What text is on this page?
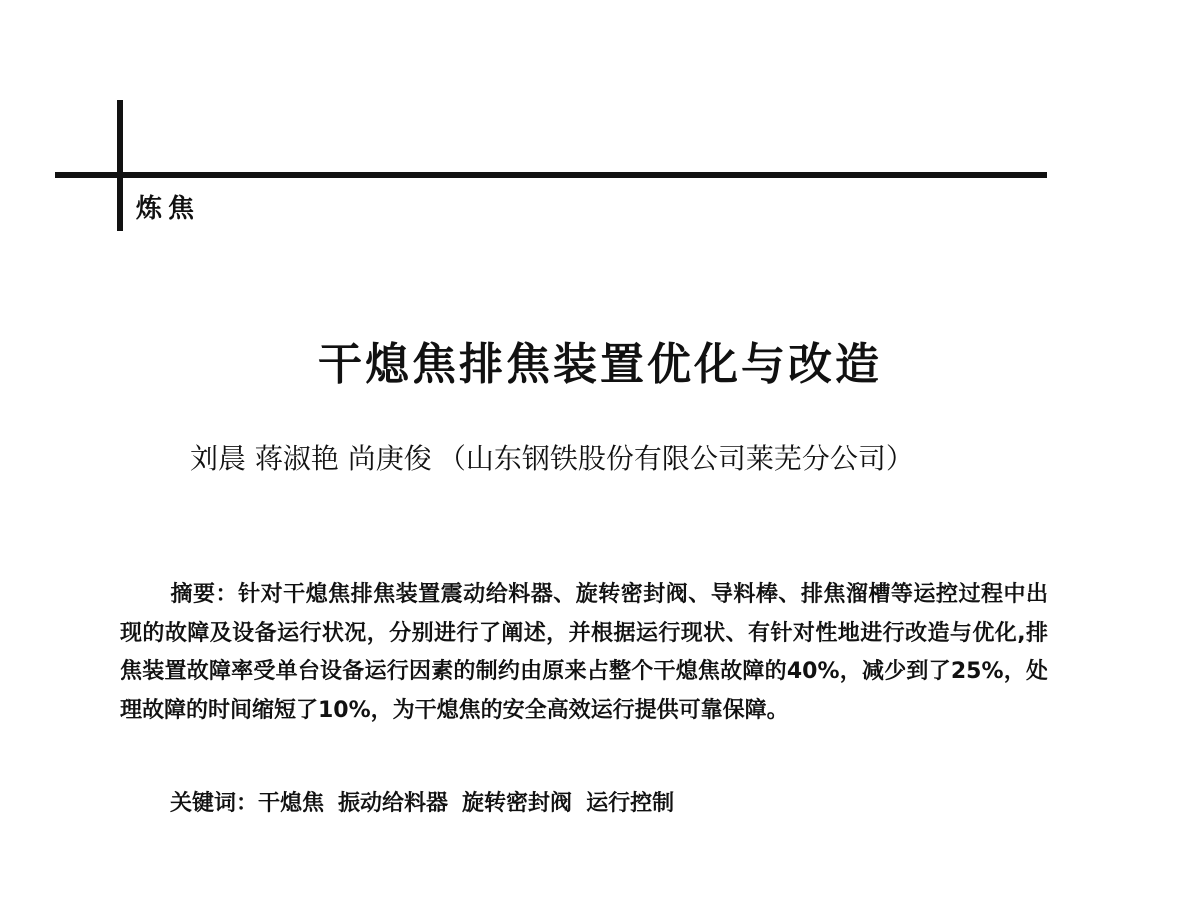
炼焦
干熄焦排焦装置优化与改造
刘晨 蒋淑艳 尚庚俊 （山东钢铁股份有限公司莱芜分公司）
摘要：针对干熄焦排焦装置震动给料器、旋转密封阀、导料棒、排焦溜槽等运控过程中出现的故障及设备运行状况，分别进行了阐述，并根据运行现状、有针对性地进行改造与优化,排焦装置故障率受单台设备运行因素的制约由原来占整个干熄焦故障的40%，减少到了25%，处理故障的时间缩短了10%，为干熄焦的安全高效运行提供可靠保障。
关键词：干熄焦 振动给料器 旋转密封阀 运行控制
